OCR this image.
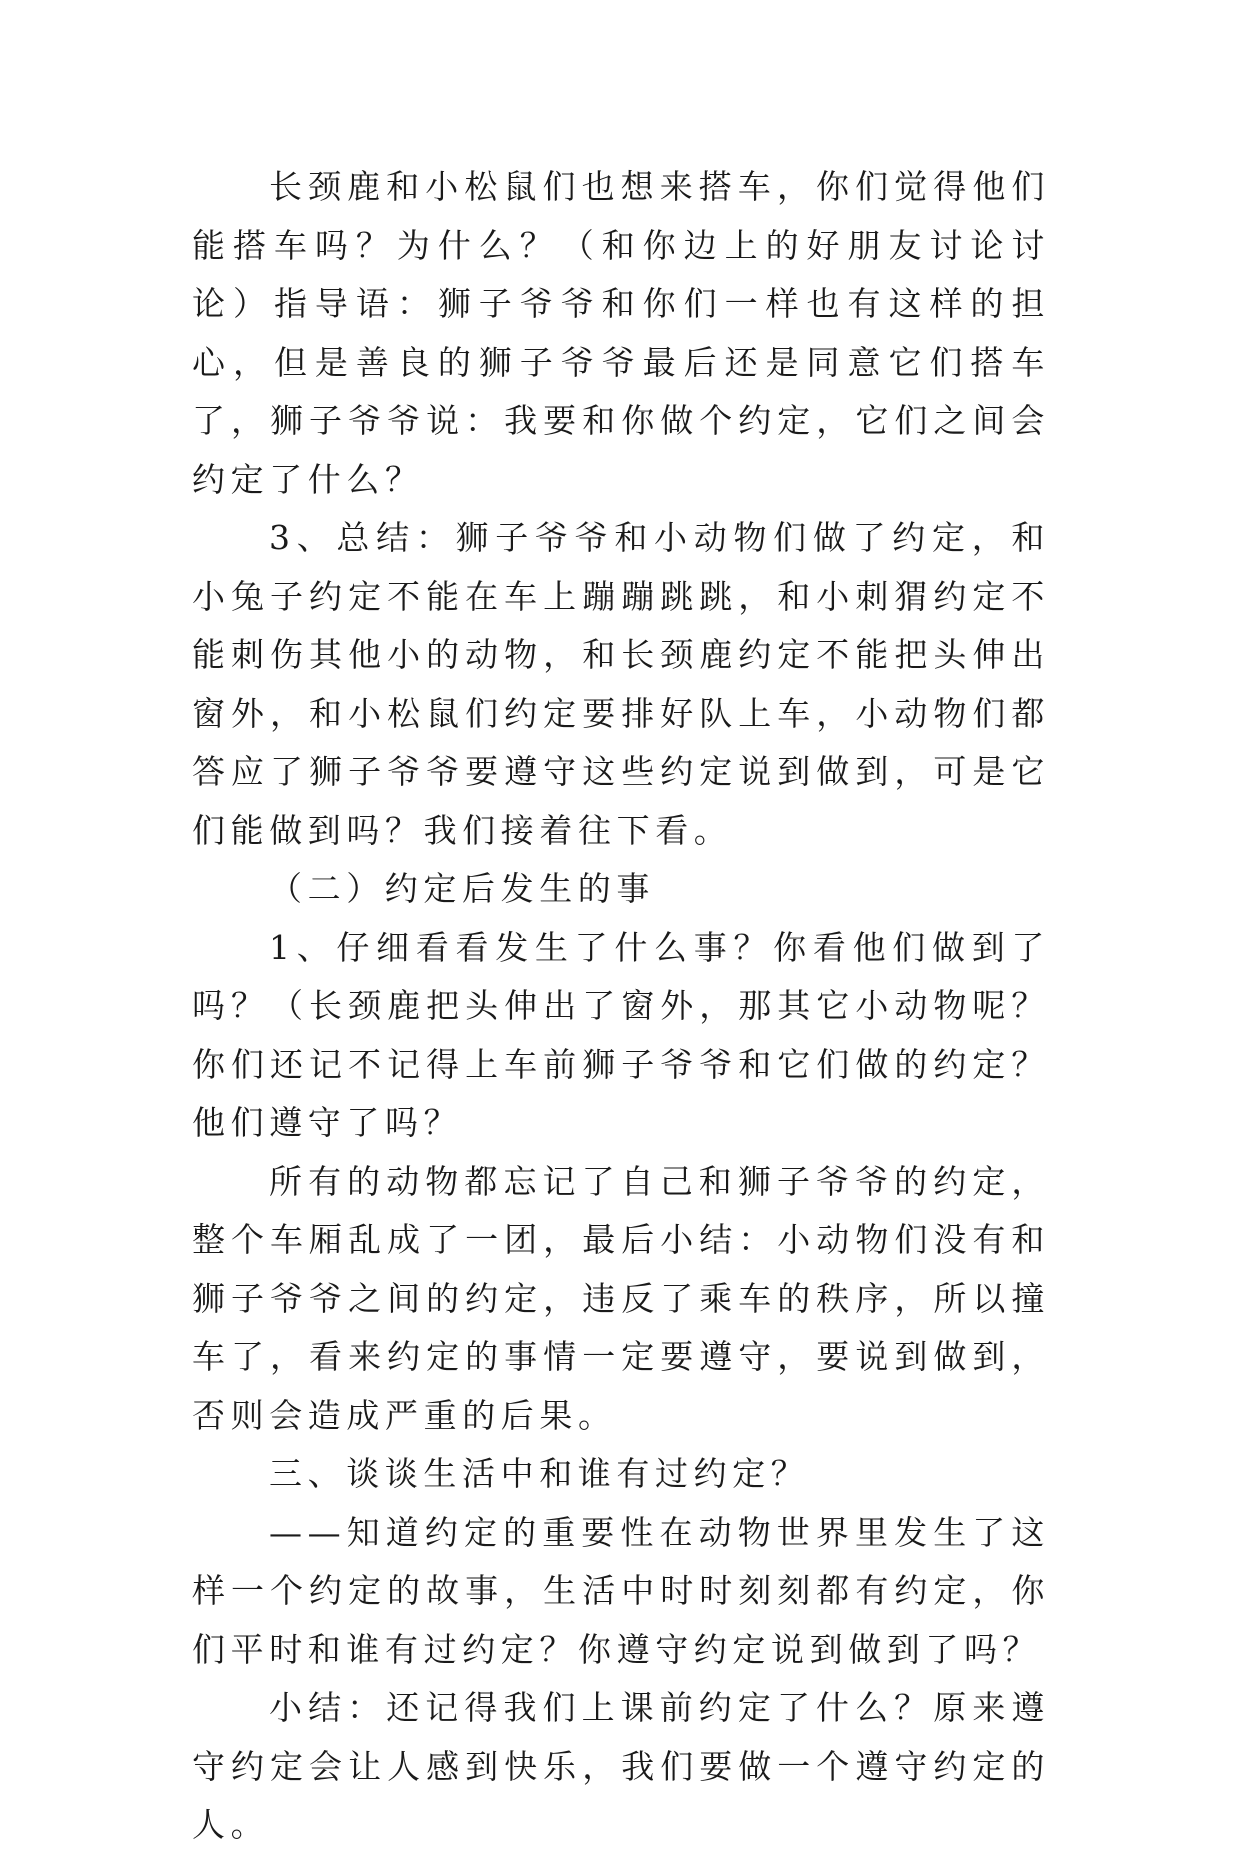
长颈鹿和小松鼠们也想来搭车，你们觉得他们能搭车吗？为什么？（和你边上的好朋友讨论讨论）指导语：狮子爷爷和你们一样也有这样的担心，但是善良的狮子爷爷最后还是同意它们搭车了，狮子爷爷说：我要和你做个约定，它们之间会约定了什么？

3、总结：狮子爷爷和小动物们做了约定，和小兔子约定不能在车上蹦蹦跳跳，和小刺猬约定不能刺伤其他小的动物，和长颈鹿约定不能把头伸出窗外，和小松鼠们约定要排好队上车，小动物们都答应了狮子爷爷要遵守这些约定说到做到，可是它们能做到吗？我们接着往下看。

（二）约定后发生的事

1、仔细看看发生了什么事？你看他们做到了吗？（长颈鹿把头伸出了窗外，那其它小动物呢？你们还记不记得上车前狮子爷爷和它们做的约定？他们遵守了吗？

所有的动物都忘记了自己和狮子爷爷的约定，整个车厢乱成了一团，最后小结：小动物们没有和狮子爷爷之间的约定，违反了乘车的秩序，所以撞车了，看来约定的事情一定要遵守，要说到做到，否则会造成严重的后果。

三、谈谈生活中和谁有过约定？

——知道约定的重要性在动物世界里发生了这样一个约定的故事，生活中时时刻刻都有约定，你们平时和谁有过约定？你遵守约定说到做到了吗？

小结：还记得我们上课前约定了什么？原来遵守约定会让人感到快乐，我们要做一个遵守约定的人。
